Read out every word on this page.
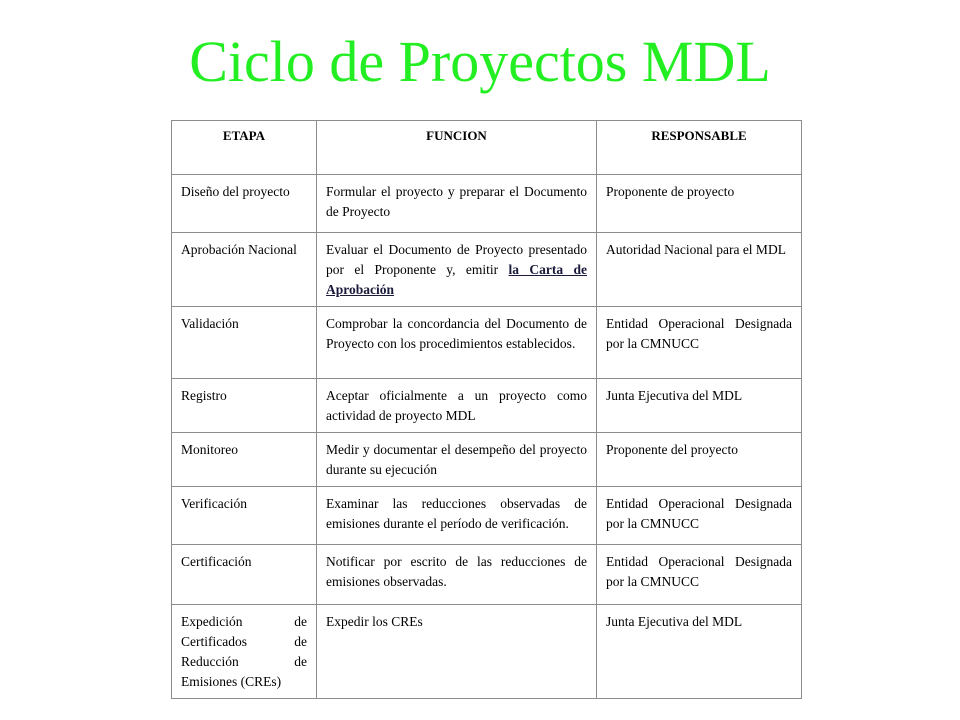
Ciclo de Proyectos MDL
ETAPA	FUNCION	RESPONSABLE
Diseño del proyecto	Formular el proyecto y preparar el Documento de Proyecto	Proponente de proyecto
Aprobación Nacional	Evaluar el Documento de Proyecto presentado por el Proponente y, emitir la Carta de Aprobación	Autoridad Nacional para el MDL
Validación	Comprobar la concordancia del Documento de Proyecto con los procedimientos establecidos.	Entidad Operacional Designada por la CMNUCC
Registro	Aceptar oficialmente a un proyecto como actividad de proyecto MDL	Junta Ejecutiva del MDL
Monitoreo	Medir y documentar el desempeño del proyecto durante su ejecución	Proponente del proyecto
Verificación	Examinar las reducciones observadas de emisiones durante el período de verificación.	Entidad Operacional Designada por la CMNUCC
Certificación	Notificar por escrito de las reducciones de emisiones observadas.	Entidad Operacional Designada por la CMNUCC
Expedición de Certificados de Reducción de Emisiones (CREs)	Expedir los CREs	Junta Ejecutiva del MDL
